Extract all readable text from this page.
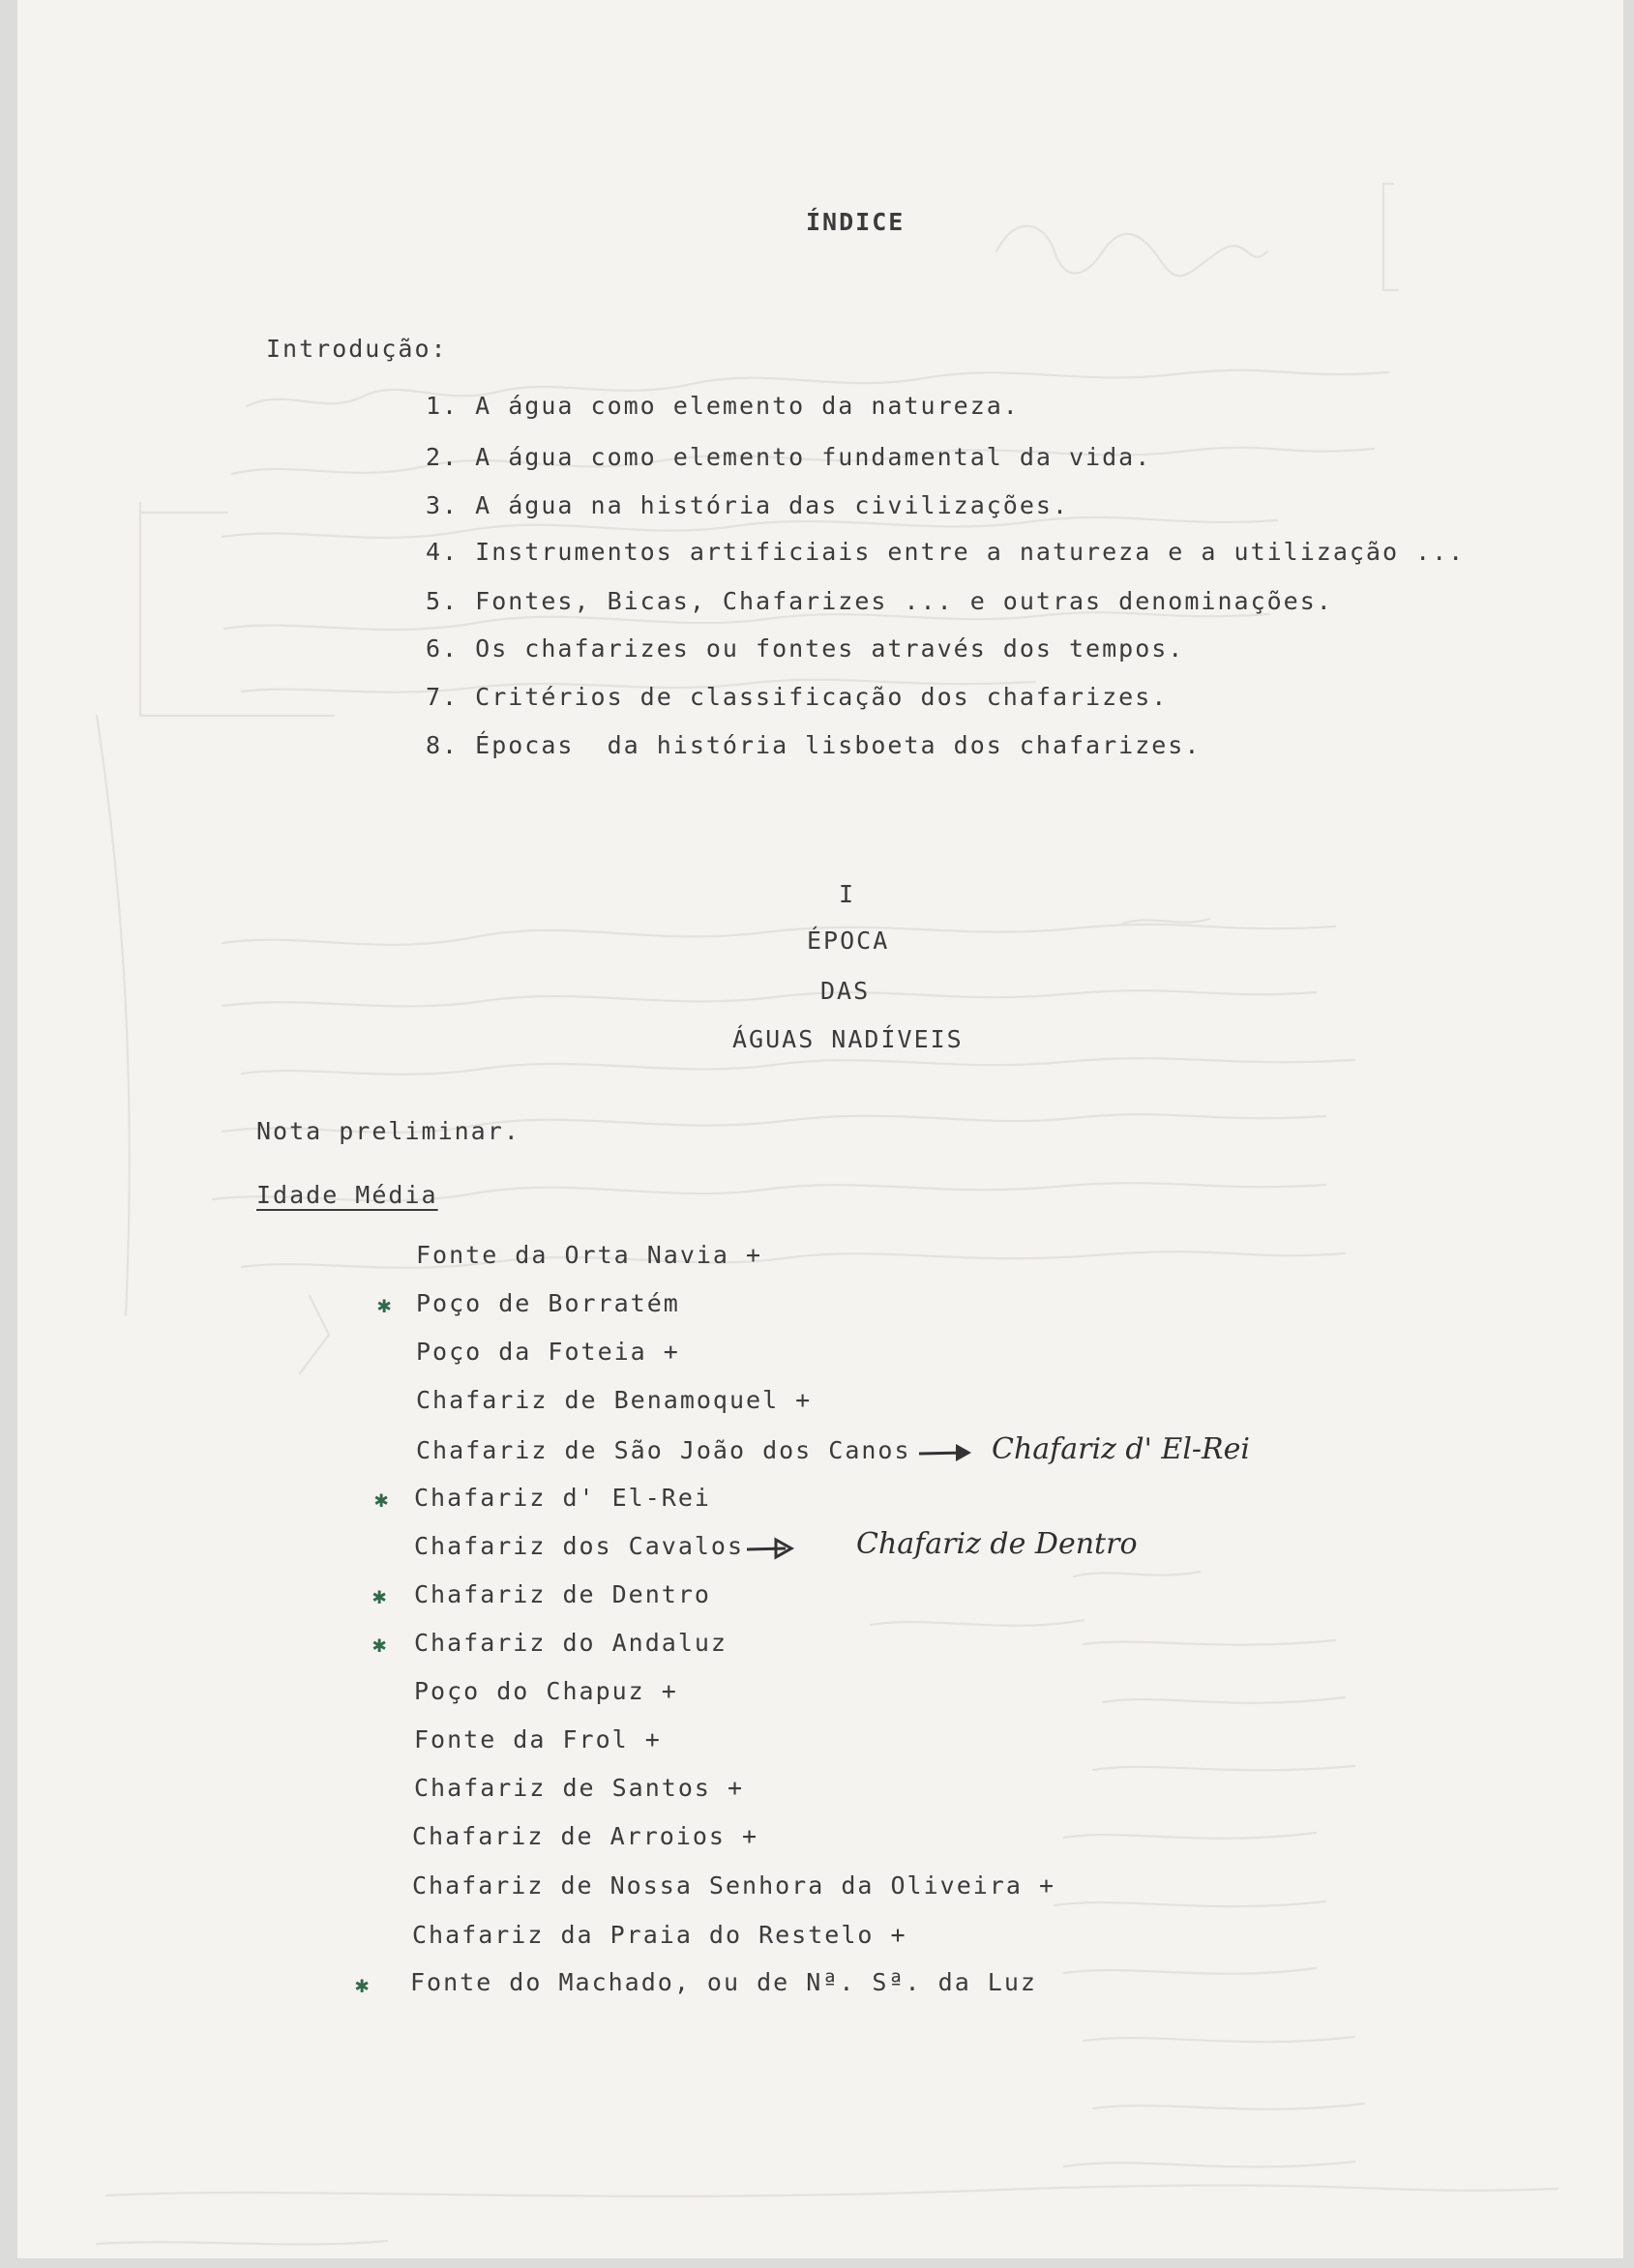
ÍNDICE
Introdução:
1. A água como elemento da natureza.
2. A água como elemento fundamental da vida.
3. A água na história das civilizações.
4. Instrumentos artificiais entre a natureza e a utilização ...
5. Fontes, Bicas, Chafarizes ... e outras denominações.
6. Os chafarizes ou fontes através dos tempos.
7. Critérios de classificação dos chafarizes.
8. Épocas  da história lisboeta dos chafarizes.
I
ÉPOCA
DAS
ÁGUAS NADÍVEIS
Nota preliminar.
Idade Média
Fonte da Orta Navia +
✱ Poço de Borratém
Poço da Foteia +
Chafariz de Benamoquel +
Chafariz de São João dos Canos
✱ Chafariz d' El-Rei
Chafariz dos Cavalos
✱ Chafariz de Dentro
✱ Chafariz do Andaluz
Poço do Chapuz +
Fonte da Frol +
Chafariz de Santos +
Chafariz de Arroios +
Chafariz de Nossa Senhora da Oliveira +
Chafariz da Praia do Restelo +
✱ Fonte do Machado, ou de Nª. Sª. da Luz
Chafariz d' El-Rei
Chafariz de Dentro
